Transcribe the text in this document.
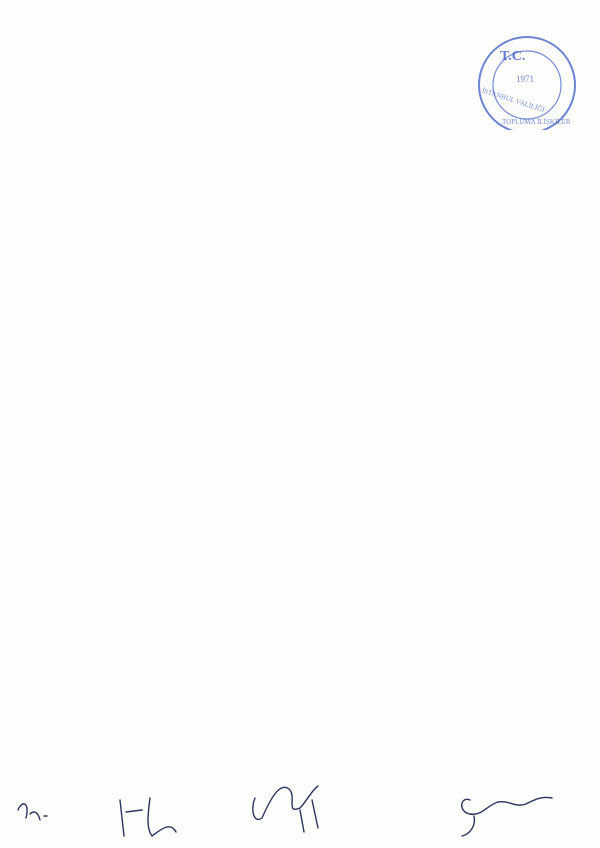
T.C.
1971
İSTANBUL VALİLİĞİ
TOPLUMA İLİŞKİLER
